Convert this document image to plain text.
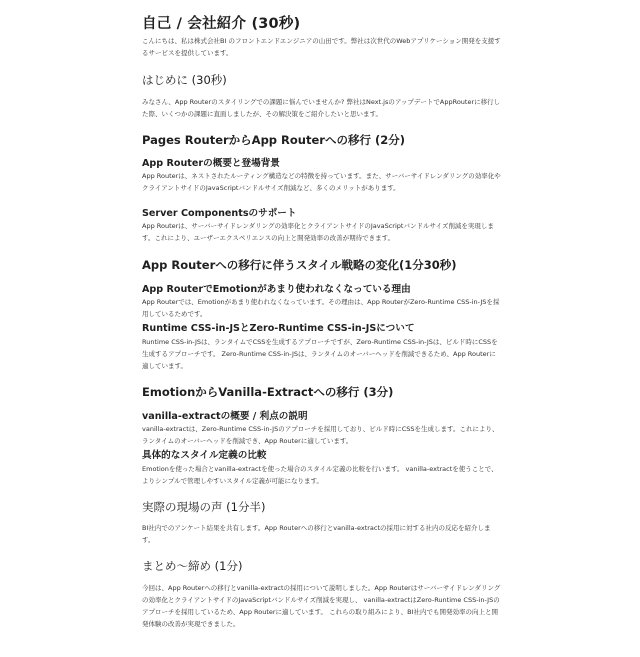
自己 / 会社紹介 (30秒)

こんにちは、私は株式会社BI のフロントエンドエンジニアの山田です。弊社は次世代のWebアプリケーション開発を支援するサービスを提供しています。

はじめに (30秒)

みなさん、App Routerのスタイリングでの課題に悩んでいませんか? 弊社はNext.jsのアップデートでAppRouterに移行した際、いくつかの課題に直面しましたが、その解決策をご紹介したいと思います。

Pages RouterからApp Routerへの移行 (2分)
App Routerの概要と登場背景

App Routerは、ネストされたルーティング構造などの特徴を持っています。また、サーバーサイドレンダリングの効率化やクライアントサイドのJavaScriptバンドルサイズ削減など、多くのメリットがあります。

Server Componentsのサポート

App Routerは、サーバーサイドレンダリングの効率化とクライアントサイドのJavaScriptバンドルサイズ削減を実現します。これにより、ユーザーエクスペリエンスの向上と開発効率の改善が期待できます。

App Routerへの移行に伴うスタイル戦略の変化(1分30秒)
App RouterでEmotionがあまり使われなくなっている理由

App Routerでは、Emotionがあまり使われなくなっています。その理由は、App RouterがZero-Runtime CSS-in-JSを採用しているためです。

Runtime CSS-in-JSとZero-Runtime CSS-in-JSについて

Runtime CSS-in-JSは、ランタイムでCSSを生成するアプローチですが、Zero-Runtime CSS-in-JSは、ビルド時にCSSを生成するアプローチです。 Zero-Runtime CSS-in-JSは、ランタイムのオーバーヘッドを削減できるため、App Routerに適しています。

EmotionからVanilla-Extractへの移行 (3分)
vanilla-extractの概要 / 利点の説明

vanilla-extractは、Zero-Runtime CSS-in-JSのアプローチを採用しており、ビルド時にCSSを生成します。これにより、ランタイムのオーバーヘッドを削減でき、App Routerに適しています。

具体的なスタイル定義の比較

Emotionを使った場合とvanilla-extractを使った場合のスタイル定義の比較を行います。 vanilla-extractを使うことで、よりシンプルで管理しやすいスタイル定義が可能になります。

実際の現場の声 (1分半)

BI社内でのアンケート結果を共有します。App Routerへの移行とvanilla-extractの採用に対する社内の反応を紹介します。

まとめ〜締め (1分)

今回は、App Routerへの移行とvanilla-extractの採用について説明しました。App Routerはサーバーサイドレンダリングの効率化とクライアントサイドのJavaScriptバンドルサイズ削減を実現し、 vanilla-extractはZero-Runtime CSS-in-JSのアプローチを採用しているため、App Routerに適しています。 これらの取り組みにより、BI社内でも開発効率の向上と開発体験の改善が実現できました。
